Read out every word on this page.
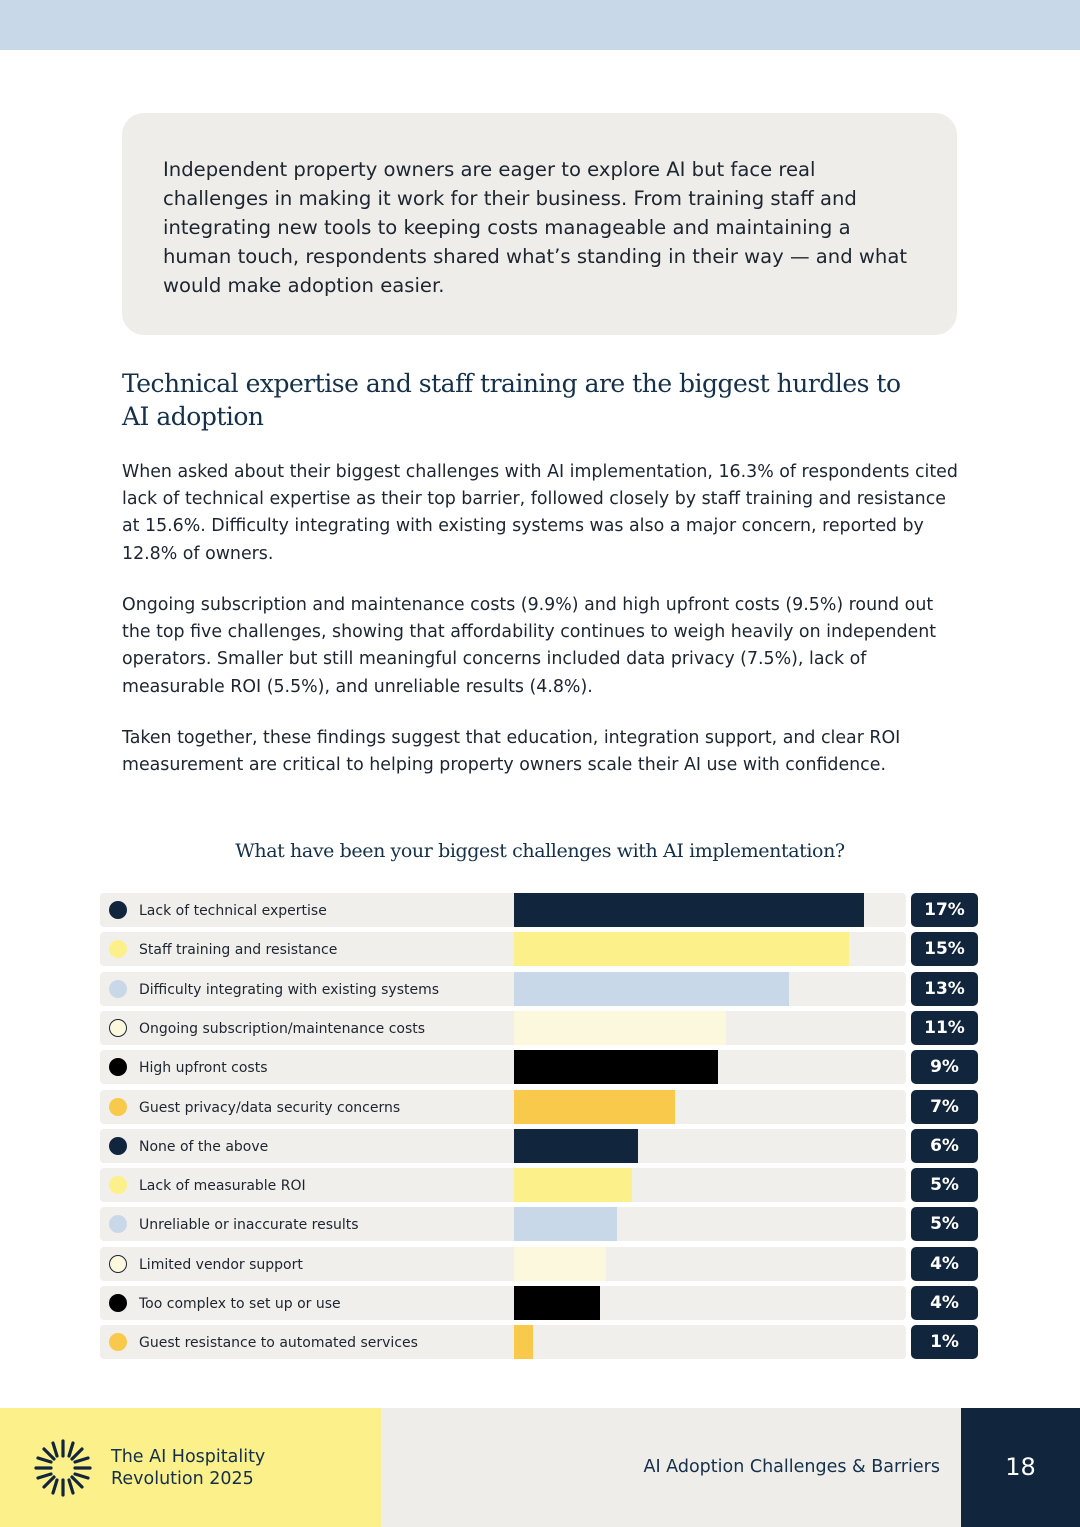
Independent property owners are eager to explore AI but face real challenges in making it work for their business. From training staff and integrating new tools to keeping costs manageable and maintaining a human touch, respondents shared what’s standing in their way — and what would make adoption easier.

Technical expertise and staff training are the biggest hurdles to AI adoption

When asked about their biggest challenges with AI implementation, 16.3% of respondents cited lack of technical expertise as their top barrier, followed closely by staff training and resistance at 15.6%. Difficulty integrating with existing systems was also a major concern, reported by 12.8% of owners.

Ongoing subscription and maintenance costs (9.9%) and high upfront costs (9.5%) round out the top five challenges, showing that affordability continues to weigh heavily on independent operators. Smaller but still meaningful concerns included data privacy (7.5%), lack of measurable ROI (5.5%), and unreliable results (4.8%).

Taken together, these findings suggest that education, integration support, and clear ROI measurement are critical to helping property owners scale their AI use with confidence.

What have been your biggest challenges with AI implementation?
Lack of technical expertise	17%
Staff training and resistance	15%
Difficulty integrating with existing systems	13%
Ongoing subscription/maintenance costs	11%
High upfront costs	9%
Guest privacy/data security concerns	7%
None of the above	6%
Lack of measurable ROI	5%
Unreliable or inaccurate results	5%
Limited vendor support	4%
Too complex to set up or use	4%
Guest resistance to automated services	1%
The AI Hospitality Revolution 2025
AI Adoption Challenges & Barriers	18
